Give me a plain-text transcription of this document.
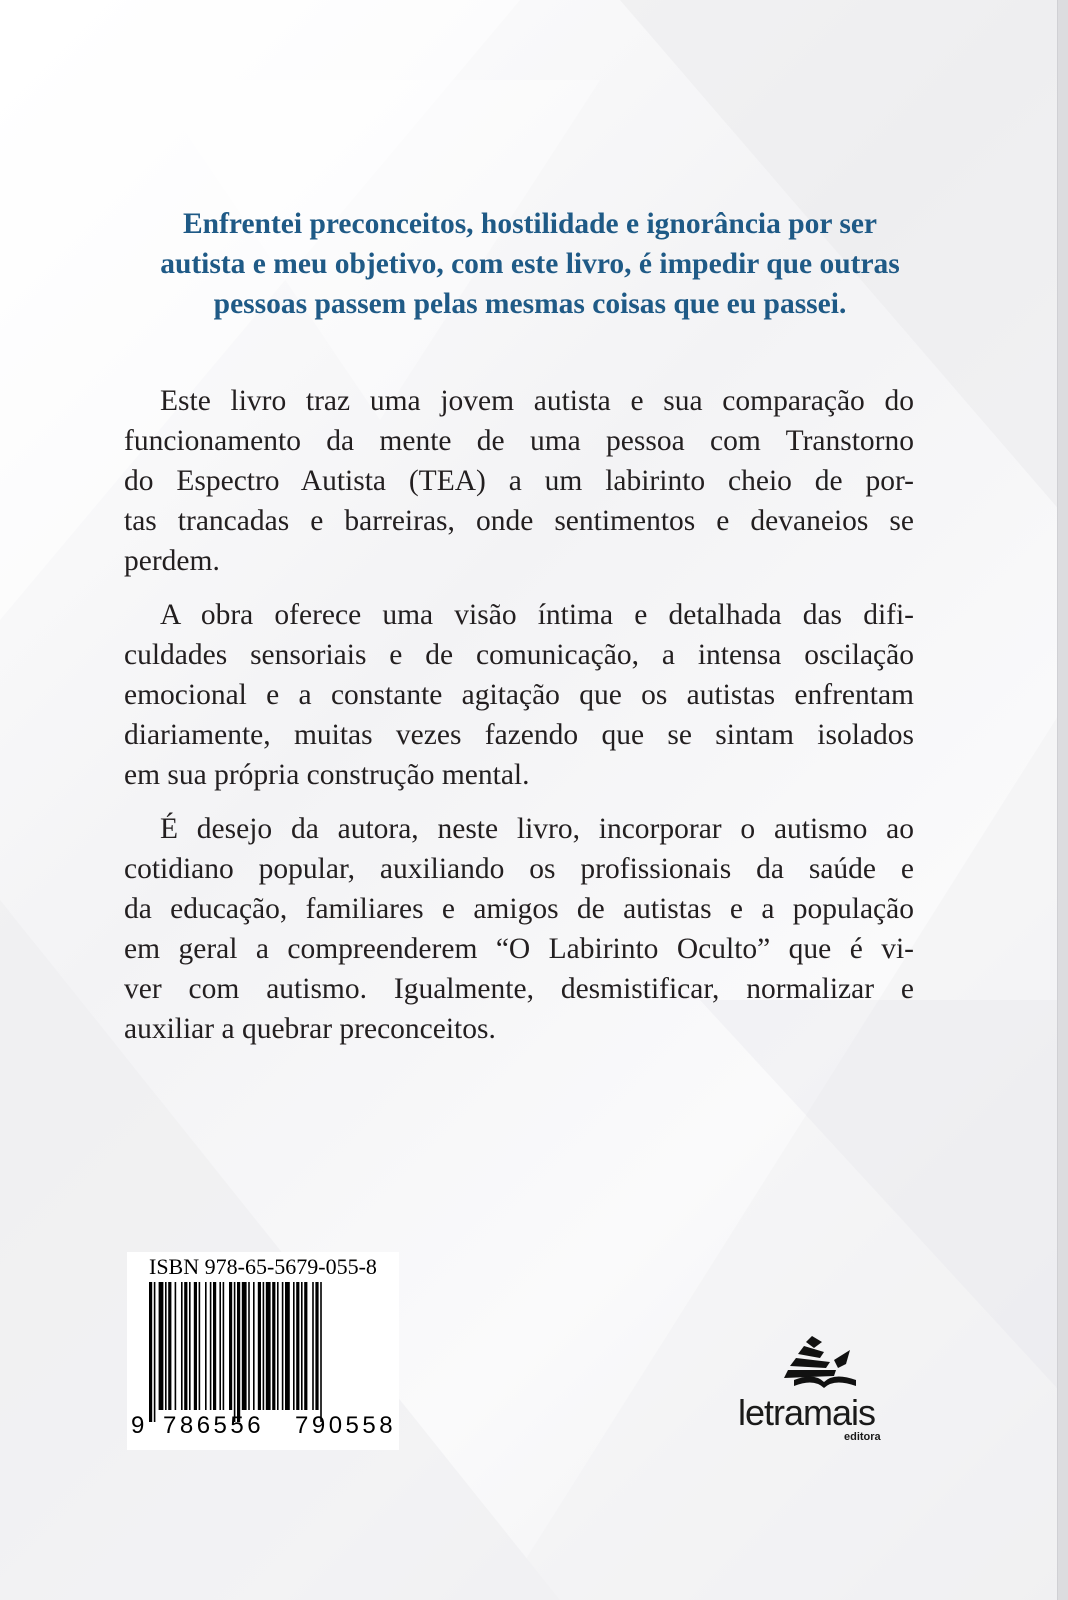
Enfrentei preconceitos, hostilidade e ignorância por ser
autista e meu objetivo, com este livro, é impedir que outras
pessoas passem pelas mesmas coisas que eu passei.

Este livro traz uma jovem autista e sua comparação do
funcionamento da mente de uma pessoa com Transtorno
do Espectro Autista (TEA) a um labirinto cheio de por-
tas trancadas e barreiras, onde sentimentos e devaneios se
perdem.

A obra oferece uma visão íntima e detalhada das difi-
culdades sensoriais e de comunicação, a intensa oscilação
emocional e a constante agitação que os autistas enfrentam
diariamente, muitas vezes fazendo que se sintam isolados
em sua própria construção mental.

É desejo da autora, neste livro, incorporar o autismo ao
cotidiano popular, auxiliando os profissionais da saúde e
da educação, familiares e amigos de autistas e a população
em geral a compreenderem “O Labirinto Oculto” que é vi-
ver com autismo. Igualmente, desmistificar, normalizar e
auxiliar a quebrar preconceitos.

ISBN 978-65-5679-055-8
9 786556 790558	letramais
editora
